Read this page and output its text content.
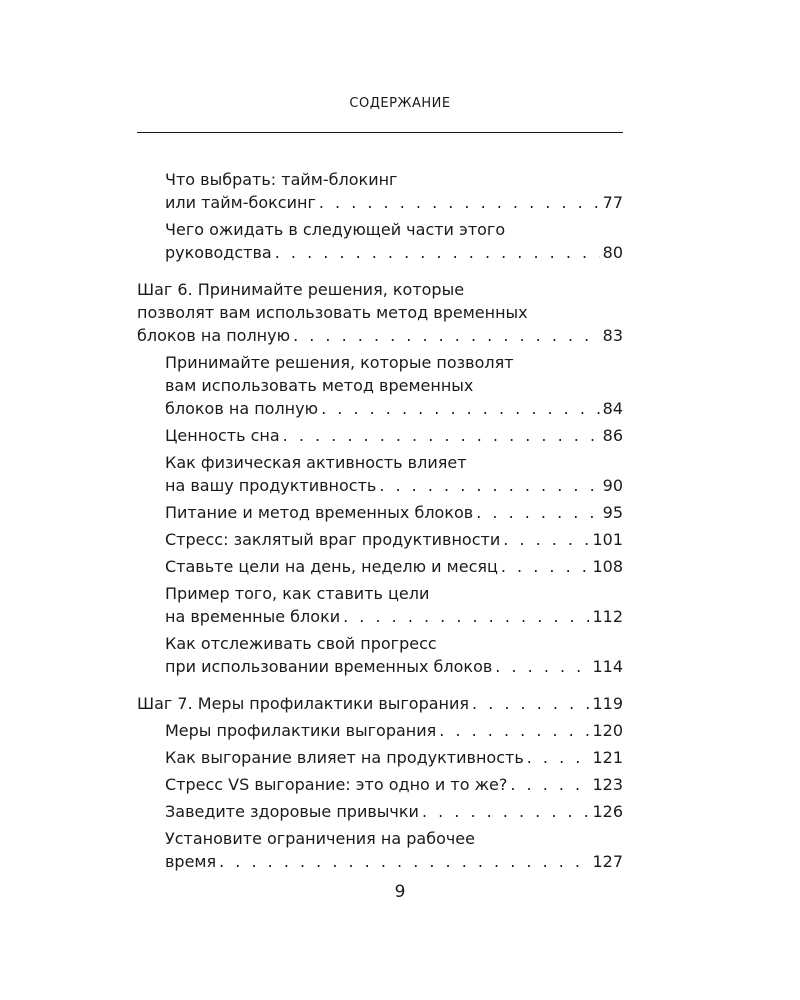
СОДЕРЖАНИЕ
Что выбрать: тайм-блокинг
или тайм-боксинг . . .	77
Чего ожидать в следующей части этого
руководства . . .	80
Шаг 6. Принимайте решения, которые
позволят вам использовать метод временных
блоков на полную . . .	83
Принимайте решения, которые позволят
вам использовать метод временных
блоков на полную . . .	84
Ценность сна . . .	86
Как физическая активность влияет
на вашу продуктивность . . .	90
Питание и метод временных блоков . . .	95
Стресс: заклятый враг продуктивности . . .	101
Ставьте цели на день, неделю и месяц . . .	108
Пример того, как ставить цели
на временные блоки . . .	112
Как отслеживать свой прогресс
при использовании временных блоков . . .	114
Шаг 7. Меры профилактики выгорания . . .	119
Меры профилактики выгорания . . .	120
Как выгорание влияет на продуктивность . . .	121
Стресс VS выгорание: это одно и то же? . . .	123
Заведите здоровые привычки . . .	126
Установите ограничения на рабочее
время . . .	127
9
